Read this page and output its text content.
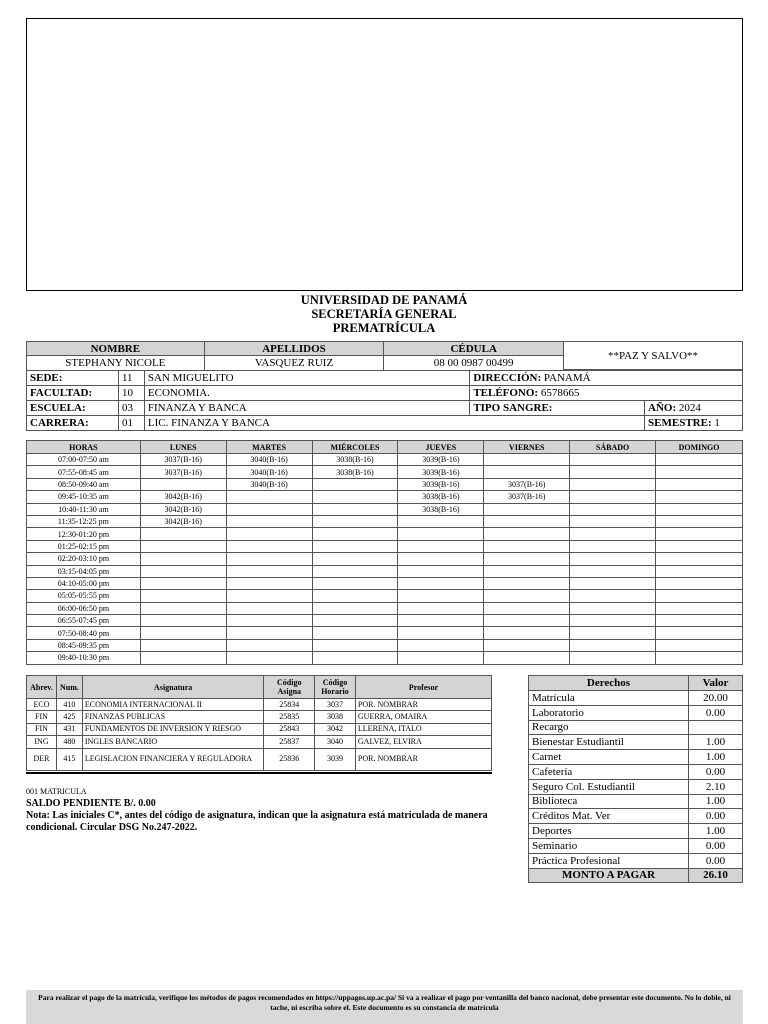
UNIVERSIDAD DE PANAMÁ
SECRETARÍA GENERAL
PREMATRÍCULA
NOMBRE	APELLIDOS	CÉDULA
STEPHANY NICOLE	VASQUEZ RUIZ	08 00 0987 00499
**PAZ Y SALVO**
SEDE:	11	SAN MIGUELITO	DIRECCIÓN: PANAMÁ	
FACULTAD:	10	ECONOMIA.	TELÉFONO: 6578665	
ESCUELA:	03	FINANZA Y BANCA	TIPO SANGRE:	AÑO: 2024
CARRERA:	01	LIC. FINANZA Y BANCA		SEMESTRE: 1
HORAS	LUNES	MARTES	MIÉRCOLES	JUEVES	VIERNES	SÁBADO	DOMINGO
07:00-07:50 am	3037(B-16)	3040(B-16)	3038(B-16)	3039(B-16)			
07:55-08:45 am	3037(B-16)	3040(B-16)	3038(B-16)	3039(B-16)			
08:50-09:40 am		3040(B-16)		3039(B-16)	3037(B-16)		
09:45-10:35 am	3042(B-16)			3038(B-16)	3037(B-16)		
10:40-11:30 am	3042(B-16)			3038(B-16)			
11:35-12:25 pm	3042(B-16)						
12:30-01:20 pm							
01:25-02:15 pm							
02:20-03:10 pm							
03:15-04:05 pm							
04:10-05:00 pm							
05:05-05:55 pm							
06:00-06:50 pm							
06:55-07:45 pm							
07:50-08:40 pm							
08:45-09:35 pm							
09:40-10:30 pm							
Abrev.	Num.	Asignatura	Código Asigna	Código Horario	Profesor
ECO	410	ECONOMIA INTERNACIONAL II	25834	3037	POR. NOMBRAR
FIN	425	FINANZAS PUBLICAS	25835	3038	GUERRA, OMAIRA
FIN	431	FUNDAMENTOS DE INVERSION Y RIESGO	25843	3042	LLERENA, ITALO
ING	480	INGLES BANCARIO	25837	3040	GALVEZ, ELVIRA
DER	415	LEGISLACION FINANCIERA Y REGULADORA	25836	3039	POR. NOMBRAR
Derechos	Valor
Matrícula	20.00
Laboratorio	0.00
Recargo	
Bienestar Estudiantil	1.00
Carnet	1.00
Cafetería	0.00
Seguro Col. Estudiantil	2.10
Biblioteca	1.00
Créditos Mat. Ver	0.00
Deportes	1.00
Seminario	0.00
Práctica Profesional	0.00
MONTO A PAGAR	26.10
001 MATRICULA
SALDO PENDIENTE B/. 0.00
Nota: Las iniciales C*, antes del código de asignatura, indican que la asignatura está matriculada de manera condicional. Circular DSG No.247-2022.
Para realizar el pago de la matrícula, verifique los métodos de pagos recomendados en https://uppagos.up.ac.pa/ Si va a realizar el pago por ventanilla del banco nacional, debe presentar este documento. No lo doble, ni tache, ni escriba sobre el. Este documento es su constancia de matrícula
